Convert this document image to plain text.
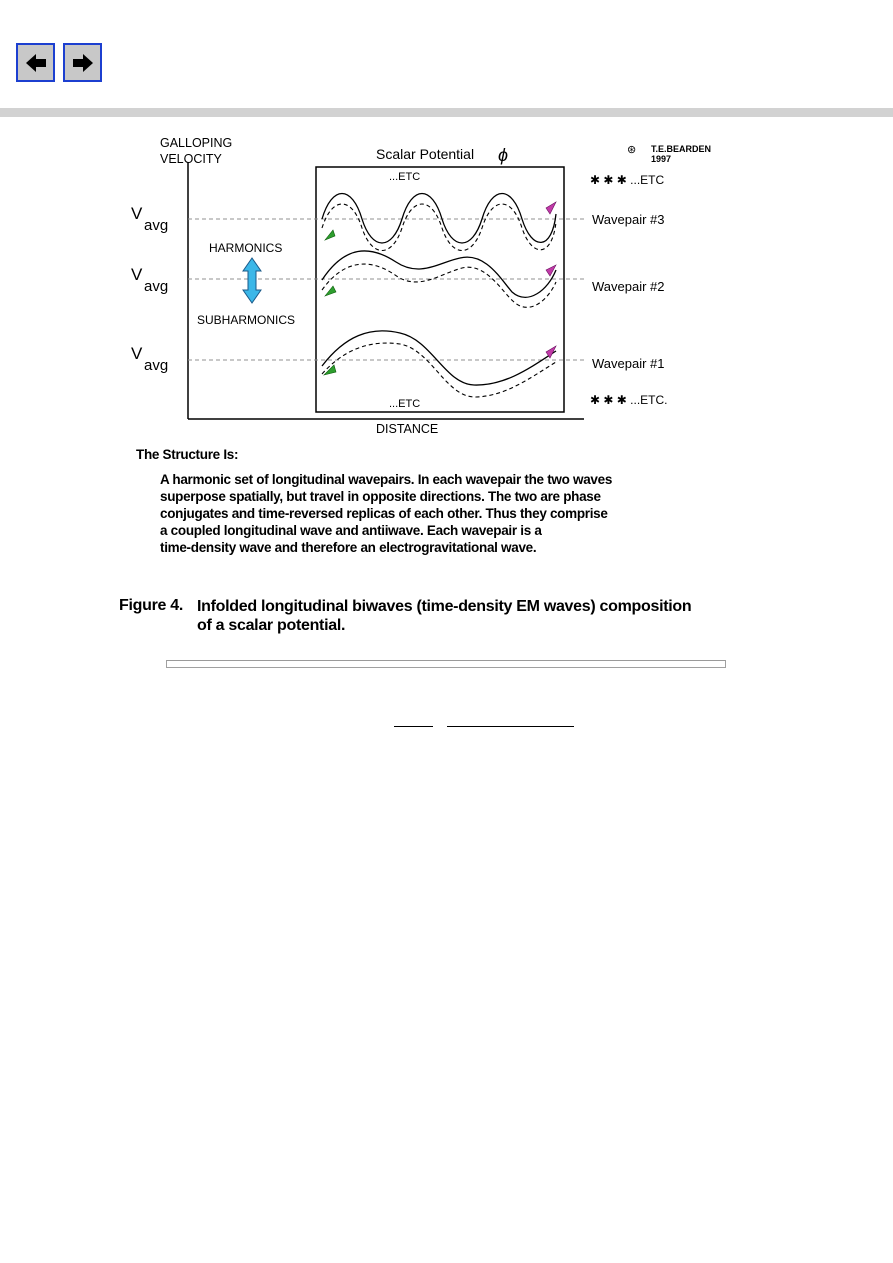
GALLOPING
VELOCITY
DISTANCE
Scalar Potential ϕ
...ETC
...ETC
⊛ T.E.BEARDEN
1997
✱ ✱ ✱ ...ETC
✱ ✱ ✱ ...ETC.
V
avg
V
avg
V
avg
HARMONICS
SUBHARMONICS
Wavepair #3
Wavepair #2
Wavepair #1
The Structure Is:
A harmonic set of longitudinal wavepairs. In each wavepair the two waves
superpose spatially, but travel in opposite directions. The two are phase
conjugates and time-reversed replicas of each other. Thus they comprise
a coupled longitudinal wave and antiiwave. Each wavepair is a
time-density wave and therefore an electrogravitational wave.
Figure 4. Infolded longitudinal biwaves (time-density EM waves) composition
of a scalar potential.
